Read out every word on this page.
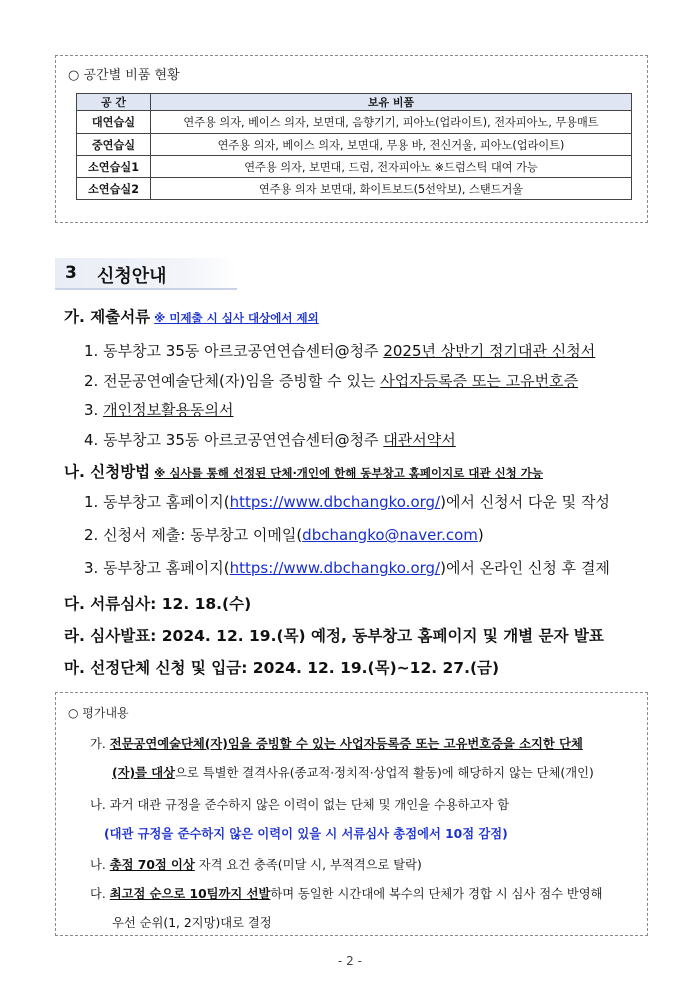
○ 공간별 비품 현황
공 간	보유 비품
대연습실	연주용 의자, 베이스 의자, 보면대, 음향기기, 피아노(업라이트), 전자피아노, 무용매트
중연습실	연주용 의자, 베이스 의자, 보면대, 무용 바, 전신거울, 피아노(업라이트)
소연습실1	연주용 의자, 보면대, 드럼, 전자피아노 ※드럼스틱 대여 가능
소연습실2	연주용 의자 보면대, 화이트보드(5선악보), 스탠드거울
3 신청안내
가. 제출서류 ※ 미제출 시 심사 대상에서 제외
1. 동부창고 35동 아르코공연연습센터@청주 2025년 상반기 정기대관 신청서
2. 전문공연예술단체(자)임을 증빙할 수 있는 사업자등록증 또는 고유번호증
3. 개인정보활용동의서
4. 동부창고 35동 아르코공연연습센터@청주 대관서약서
나. 신청방법 ※ 심사를 통해 선정된 단체·개인에 한해 동부창고 홈페이지로 대관 신청 가능
1. 동부창고 홈페이지(https://www.dbchangko.org/)에서 신청서 다운 및 작성
2. 신청서 제출: 동부창고 이메일(dbchangko@naver.com)
3. 동부창고 홈페이지(https://www.dbchangko.org/)에서 온라인 신청 후 결제
다. 서류심사: 12. 18.(수)
라. 심사발표: 2024. 12. 19.(목) 예정, 동부창고 홈페이지 및 개별 문자 발표
마. 선정단체 신청 및 입금: 2024. 12. 19.(목)~12. 27.(금)
○ 평가내용
가. 전문공연예술단체(자)임을 증빙할 수 있는 사업자등록증 또는 고유번호증을 소지한 단체
(자)를 대상으로 특별한 결격사유(종교적·정치적·상업적 활동)에 해당하지 않는 단체(개인)
나. 과거 대관 규정을 준수하지 않은 이력이 없는 단체 및 개인을 수용하고자 함
(대관 규정을 준수하지 않은 이력이 있을 시 서류심사 총점에서 10점 감점)
나. 총점 70점 이상 자격 요건 충족(미달 시, 부적격으로 탈락)
다. 최고점 순으로 10팀까지 선발하며 동일한 시간대에 복수의 단체가 경합 시 심사 점수 반영해
우선 순위(1, 2지망)대로 결정
- 2 -
